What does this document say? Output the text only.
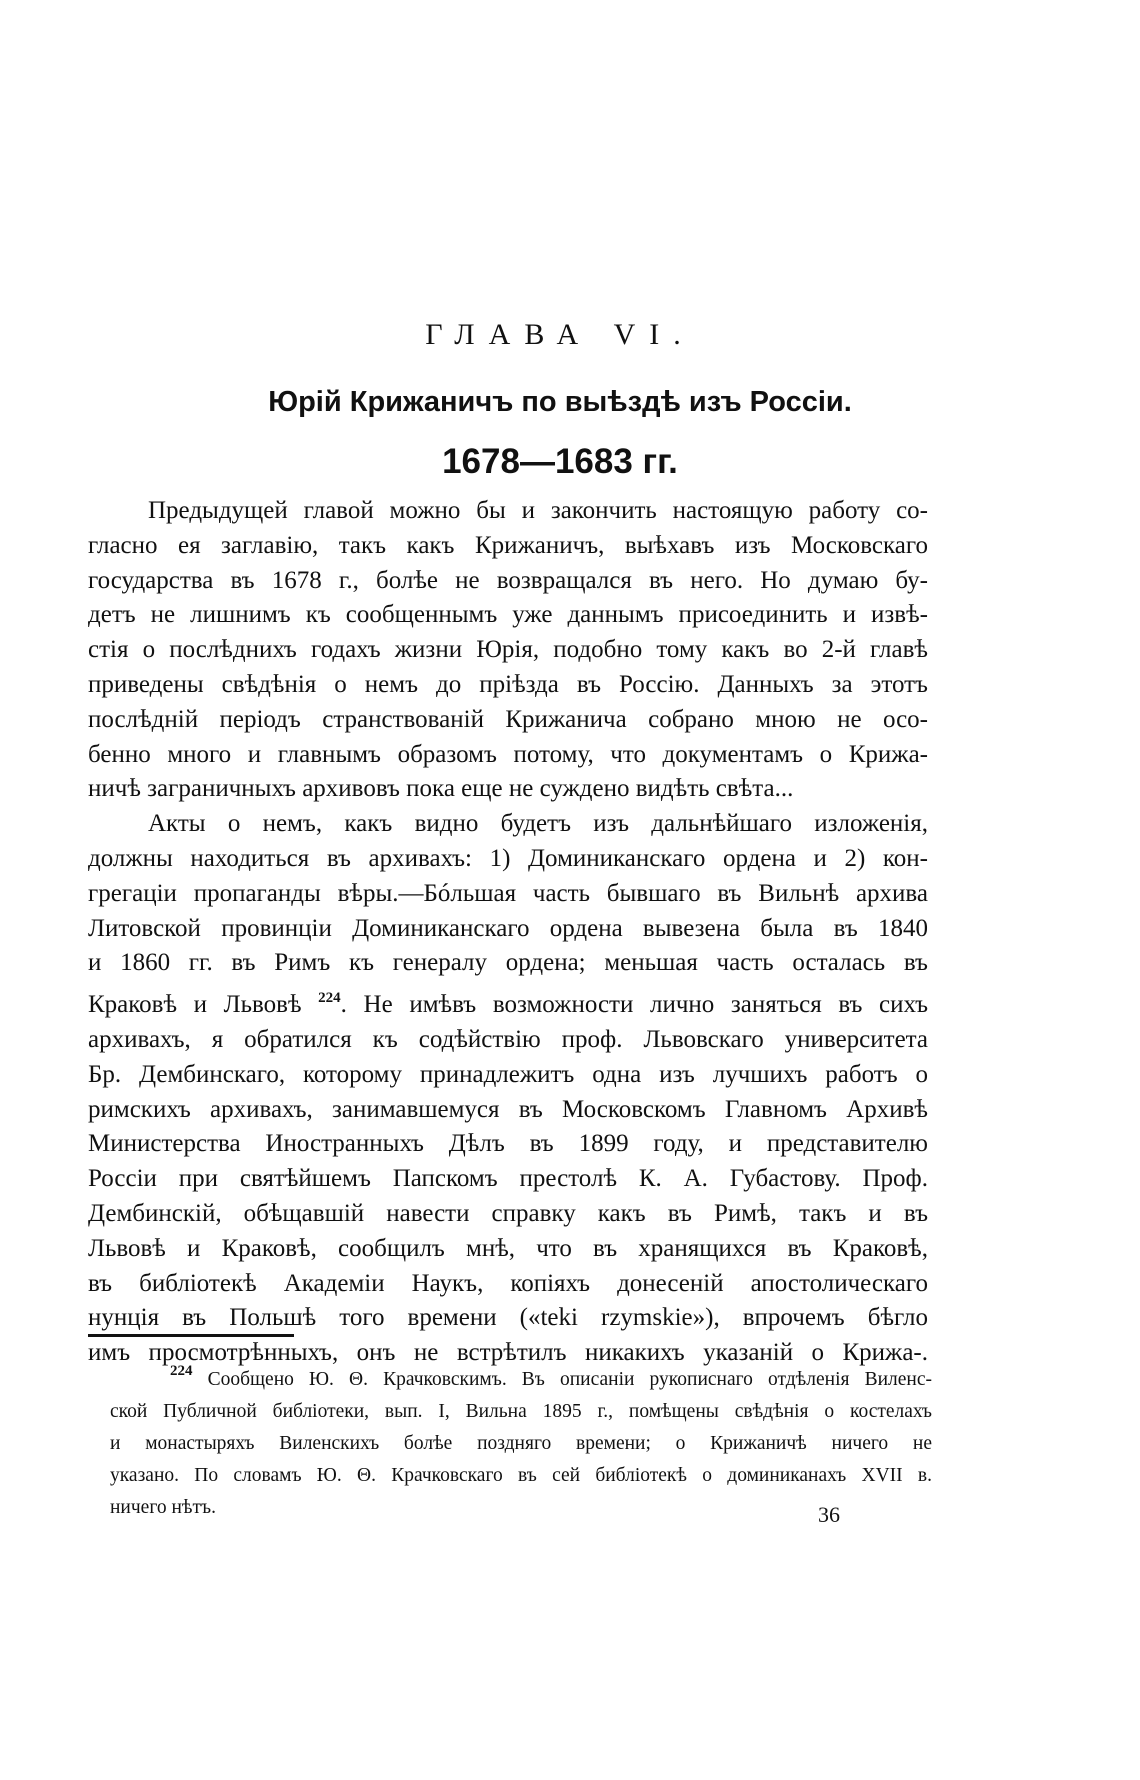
ГЛАВА VI.
Юрій Крижаничъ по выѣздѣ изъ Россіи.
1678—1683 гг.
Предыдущей главой можно бы и закончить настоящую работу со-
гласно ея заглавію, такъ какъ Крижаничъ, выѣхавъ изъ Московскаго
государства въ 1678 г., болѣе не возвращался въ него. Но думаю бу-
детъ не лишнимъ къ сообщеннымъ уже даннымъ присоединить и извѣ-
стія о послѣднихъ годахъ жизни Юрія, подобно тому какъ во 2-й главѣ
приведены свѣдѣнія о немъ до пріѣзда въ Россію. Данныхъ за этотъ
послѣдній періодъ странствованій Крижанича собрано мною не осо-
бенно много и главнымъ образомъ потому, что документамъ о Крижа-
ничѣ заграничныхъ архивовъ пока еще не суждено видѣть свѣта...
Акты о немъ, какъ видно будетъ изъ дальнѣйшаго изложенія,
должны находиться въ архивахъ: 1) Доминиканскаго ордена и 2) кон-
грегаціи пропаганды вѣры.—Бóльшая часть бывшаго въ Вильнѣ архива
Литовской провинціи Доминиканскаго ордена вывезена была въ 1840
и 1860 гг. въ Римъ къ генералу ордена; меньшая часть осталась въ
Краковѣ и Львовѣ $^{224}$. Не имѣвъ возможности лично заняться въ сихъ
архивахъ, я обратился къ содѣйствію проф. Львовскаго университета
Бр. Дембинскаго, которому принадлежитъ одна изъ лучшихъ работъ о
римскихъ архивахъ, занимавшемуся въ Московскомъ Главномъ Архивѣ
Министерства Иностранныхъ Дѣлъ въ 1899 году, и представителю
Россіи при святѣйшемъ Папскомъ престолѣ К. А. Губастову. Проф.
Дембинскій, обѣщавшій навести справку какъ въ Римѣ, такъ и въ
Львовѣ и Краковѣ, сообщилъ мнѣ, что въ хранящихся въ Краковѣ,
въ библіотекѣ Академіи Наукъ, копіяхъ донесеній апостолическаго
нунція въ Польшѣ того времени («teki rzymskie»), впрочемъ бѣгло
имъ просмотрѣнныхъ, онъ не встрѣтилъ никакихъ указаній о Крижа-.
$^{224}$ Сообщено Ю. Θ. Крачковскимъ. Въ описаніи рукописнаго отдѣленія Виленс-
ской Публичной библіотеки, вып. I, Вильна 1895 г., помѣщены свѣдѣнія о костелахъ
и монастыряхъ Виленскихъ болѣе поздняго времени; о Крижаничѣ ничего не
указано. По словамъ Ю. Θ. Крачковскаго въ сей библіотекѣ о доминиканахъ XVII в.
ничего нѣтъ.	36
